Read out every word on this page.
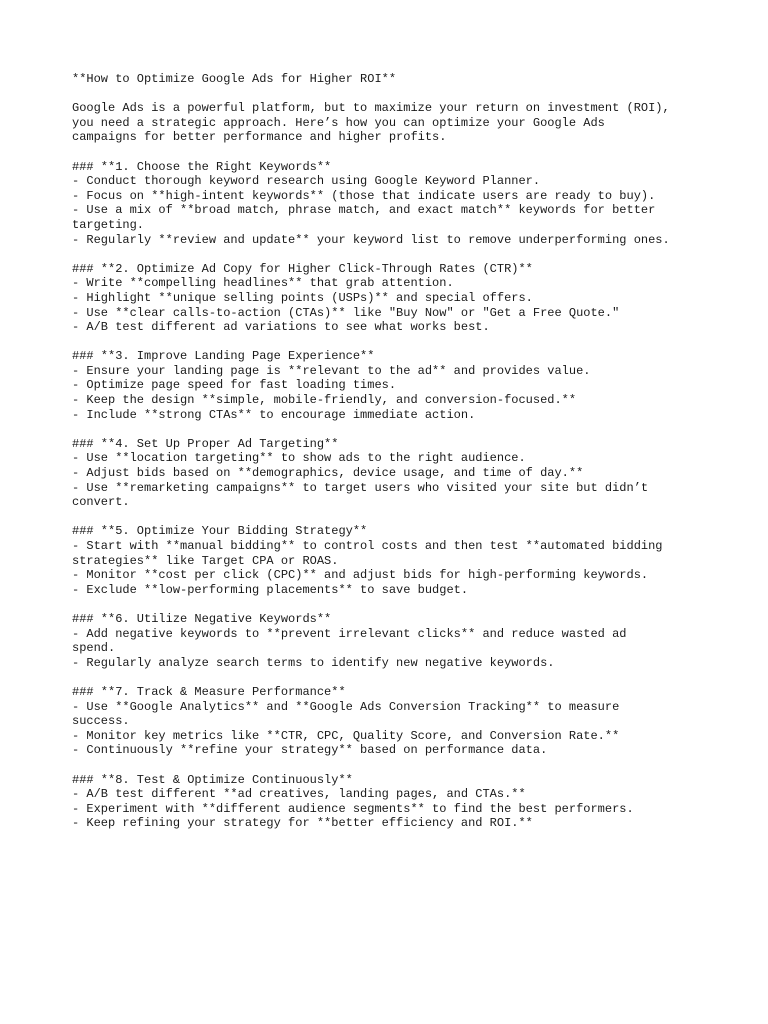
**How to Optimize Google Ads for Higher ROI**
Google Ads is a powerful platform, but to maximize your return on investment (ROI),
you need a strategic approach. Here’s how you can optimize your Google Ads
campaigns for better performance and higher profits.
### **1. Choose the Right Keywords**
- Conduct thorough keyword research using Google Keyword Planner.
- Focus on **high-intent keywords** (those that indicate users are ready to buy).
- Use a mix of **broad match, phrase match, and exact match** keywords for better
targeting.
- Regularly **review and update** your keyword list to remove underperforming ones.
### **2. Optimize Ad Copy for Higher Click-Through Rates (CTR)**
- Write **compelling headlines** that grab attention.
- Highlight **unique selling points (USPs)** and special offers.
- Use **clear calls-to-action (CTAs)** like "Buy Now" or "Get a Free Quote."
- A/B test different ad variations to see what works best.
### **3. Improve Landing Page Experience**
- Ensure your landing page is **relevant to the ad** and provides value.
- Optimize page speed for fast loading times.
- Keep the design **simple, mobile-friendly, and conversion-focused.**
- Include **strong CTAs** to encourage immediate action.
### **4. Set Up Proper Ad Targeting**
- Use **location targeting** to show ads to the right audience.
- Adjust bids based on **demographics, device usage, and time of day.**
- Use **remarketing campaigns** to target users who visited your site but didn’t
convert.
### **5. Optimize Your Bidding Strategy**
- Start with **manual bidding** to control costs and then test **automated bidding
strategies** like Target CPA or ROAS.
- Monitor **cost per click (CPC)** and adjust bids for high-performing keywords.
- Exclude **low-performing placements** to save budget.
### **6. Utilize Negative Keywords**
- Add negative keywords to **prevent irrelevant clicks** and reduce wasted ad
spend.
- Regularly analyze search terms to identify new negative keywords.
### **7. Track & Measure Performance**
- Use **Google Analytics** and **Google Ads Conversion Tracking** to measure
success.
- Monitor key metrics like **CTR, CPC, Quality Score, and Conversion Rate.**
- Continuously **refine your strategy** based on performance data.
### **8. Test & Optimize Continuously**
- A/B test different **ad creatives, landing pages, and CTAs.**
- Experiment with **different audience segments** to find the best performers.
- Keep refining your strategy for **better efficiency and ROI.**
